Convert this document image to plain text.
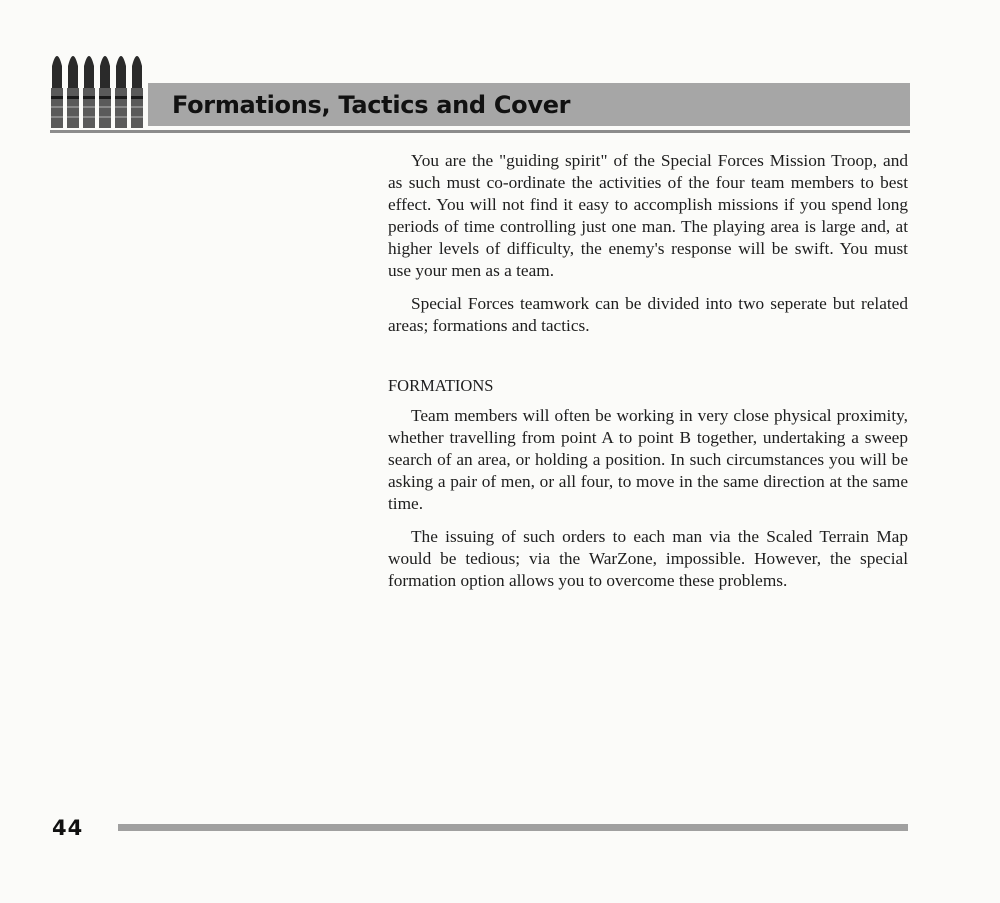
Formations, Tactics and Cover

You are the "guiding spirit" of the Special Forces Mission Troop, and as such must co-ordinate the activities of the four team members to best effect. You will not find it easy to accomplish missions if you spend long periods of time controlling just one man. The playing area is large and, at higher levels of difficulty, the enemy's response will be swift. You must use your men as a team.

Special Forces teamwork can be divided into two seperate but related areas; formations and tactics.

FORMATIONS

Team members will often be working in very close physical proximity, whether travelling from point A to point B together, undertaking a sweep search of an area, or holding a position. In such circumstances you will be asking a pair of men, or all four, to move in the same direction at the same time.

The issuing of such orders to each man via the Scaled Terrain Map would be tedious; via the WarZone, impossible. However, the special formation option allows you to overcome these problems.

44
